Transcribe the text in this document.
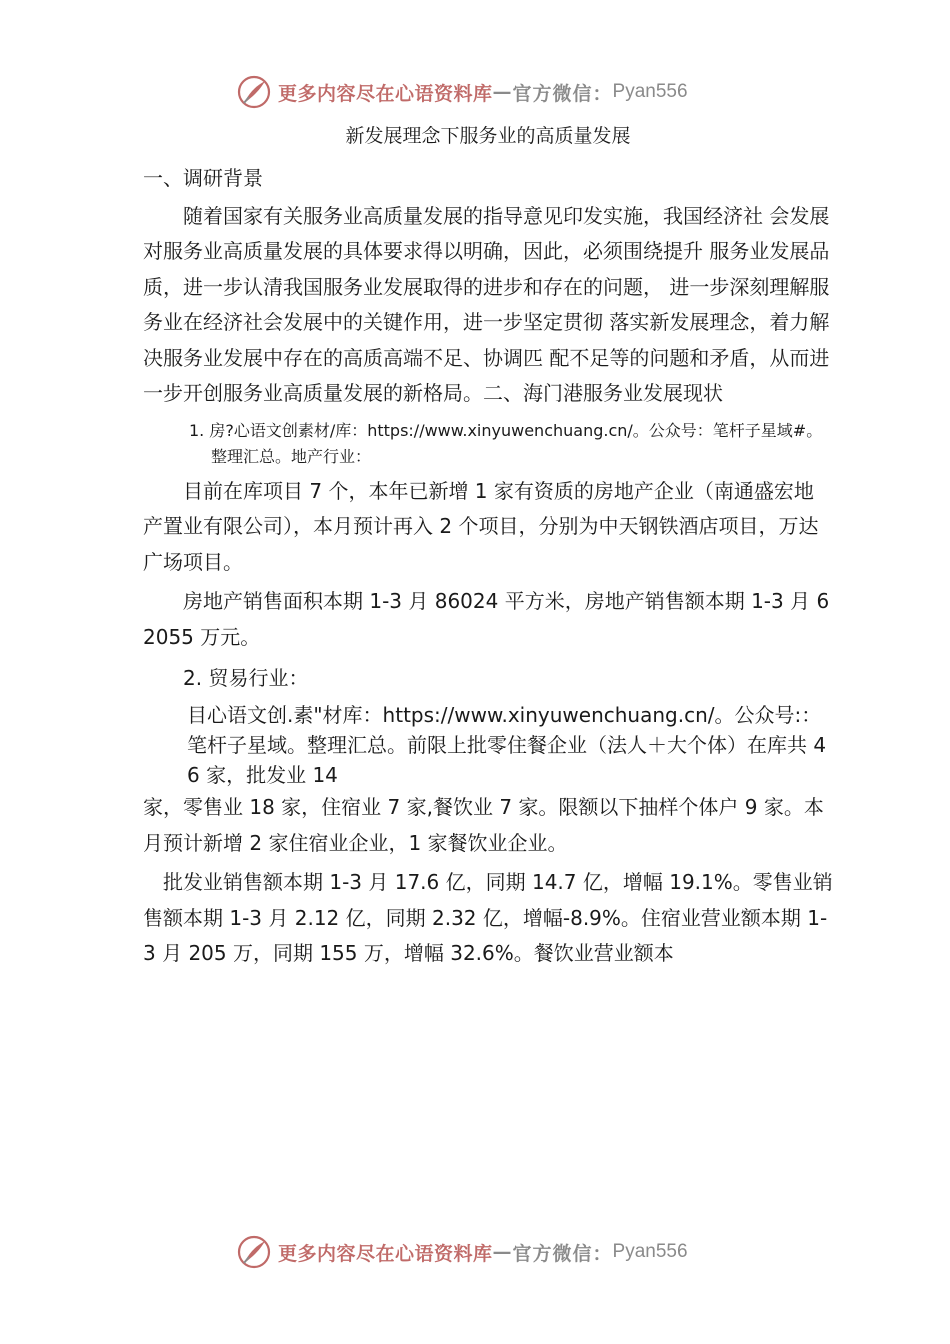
更多内容尽在心语资料库 — 官方微信： Pyan556
新发展理念下服务业的高质量发展
一、调研背景

随着国家有关服务业高质量发展的指导意见印发实施，我国经济社 会发展对服务业高质量发展的具体要求得以明确，因此，必须围绕提升 服务业发展品质，进一步认清我国服务业发展取得的进步和存在的问题， 进一步深刻理解服务业在经济社会发展中的关键作用，进一步坚定贯彻 落实新发展理念，着力解决服务业发展中存在的高质高端不足、协调匹 配不足等的问题和矛盾，从而进一步开创服务业高质量发展的新格局。二、海门港服务业发展现状

1. 房?心语文创素材/库：https://www.xinyuwenchuang.cn/。公众号：笔杆子星域#。整理汇总。地产行业：

目前在库项目 7 个，本年已新增 1 家有资质的房地产企业（南通盛宏地产置业有限公司），本月预计再入 2 个项目，分别为中天钢铁酒店项目，万达广场项目。

房地产销售面积本期 1-3 月 86024 平方米，房地产销售额本期 1-3 月 62055 万元。

2. 贸易行业：

目心语文创.素"材库：https://www.xinyuwenchuang.cn/。公众号:：笔杆子星域。整理汇总。前限上批零住餐企业（法人＋大个体）在库共 46 家，批发业 14

家，零售业 18 家，住宿业 7 家,餐饮业 7 家。限额以下抽样个体户 9 家。本月预计新增 2 家住宿业企业，1 家餐饮业企业。

批发业销售额本期 1-3 月 17.6 亿，同期 14.7 亿，增幅 19.1%。零售业销售额本期 1-3 月 2.12 亿，同期 2.32 亿，增幅-8.9%。住宿业营业额本期 1-3 月 205 万，同期 155 万，增幅 32.6%。餐饮业营业额本

更多内容尽在心语资料库 — 官方微信： Pyan556
